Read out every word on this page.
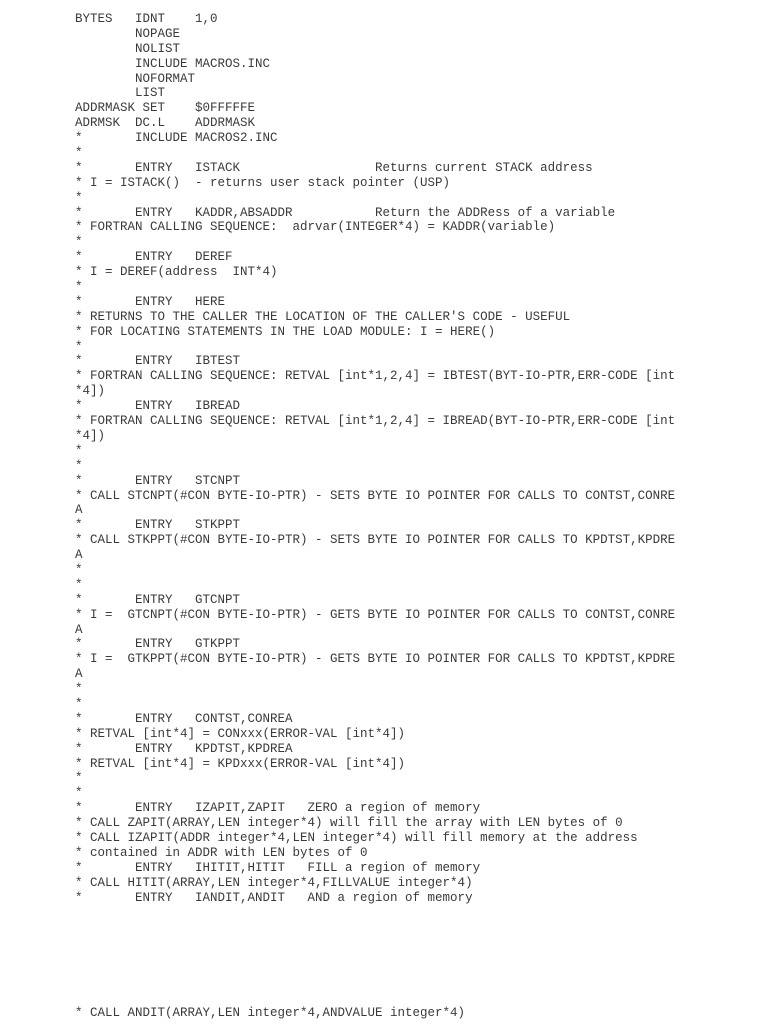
BYTES   IDNT    1,0
NOPAGE
NOLIST
INCLUDE MACROS.INC
NOFORMAT
LIST
ADDRMASK SET    $0FFFFFE
ADRMSK  DC.L    ADDRMASK
*       INCLUDE MACROS2.INC
*
*       ENTRY   ISTACK                  Returns current STACK address
* I = ISTACK()  - returns user stack pointer (USP)
*
*       ENTRY   KADDR,ABSADDR           Return the ADDRess of a variable
* FORTRAN CALLING SEQUENCE:  adrvar(INTEGER*4) = KADDR(variable)
*
*       ENTRY   DEREF
* I = DEREF(address  INT*4)
*
*       ENTRY   HERE
* RETURNS TO THE CALLER THE LOCATION OF THE CALLER'S CODE - USEFUL
* FOR LOCATING STATEMENTS IN THE LOAD MODULE: I = HERE()
*
*       ENTRY   IBTEST
* FORTRAN CALLING SEQUENCE: RETVAL [int*1,2,4] = IBTEST(BYT-IO-PTR,ERR-CODE [int
*4])
*       ENTRY   IBREAD
* FORTRAN CALLING SEQUENCE: RETVAL [int*1,2,4] = IBREAD(BYT-IO-PTR,ERR-CODE [int
*4])
*
*
*       ENTRY   STCNPT
* CALL STCNPT(#CON BYTE-IO-PTR) - SETS BYTE IO POINTER FOR CALLS TO CONTST,CONRE
A
*       ENTRY   STKPPT
* CALL STKPPT(#CON BYTE-IO-PTR) - SETS BYTE IO POINTER FOR CALLS TO KPDTST,KPDRE
A
*
*
*       ENTRY   GTCNPT
* I =  GTCNPT(#CON BYTE-IO-PTR) - GETS BYTE IO POINTER FOR CALLS TO CONTST,CONRE
A
*       ENTRY   GTKPPT
* I =  GTKPPT(#CON BYTE-IO-PTR) - GETS BYTE IO POINTER FOR CALLS TO KPDTST,KPDRE
A
*
*
*       ENTRY   CONTST,CONREA
* RETVAL [int*4] = CONxxx(ERROR-VAL [int*4])
*       ENTRY   KPDTST,KPDREA
* RETVAL [int*4] = KPDxxx(ERROR-VAL [int*4])
*
*
*       ENTRY   IZAPIT,ZAPIT   ZERO a region of memory
* CALL ZAPIT(ARRAY,LEN integer*4) will fill the array with LEN bytes of 0
* CALL IZAPIT(ADDR integer*4,LEN integer*4) will fill memory at the address
* contained in ADDR with LEN bytes of 0
*       ENTRY   IHITIT,HITIT   FILL a region of memory
* CALL HITIT(ARRAY,LEN integer*4,FILLVALUE integer*4)
*       ENTRY   IANDIT,ANDIT   AND a region of memory
* CALL ANDIT(ARRAY,LEN integer*4,ANDVALUE integer*4)
